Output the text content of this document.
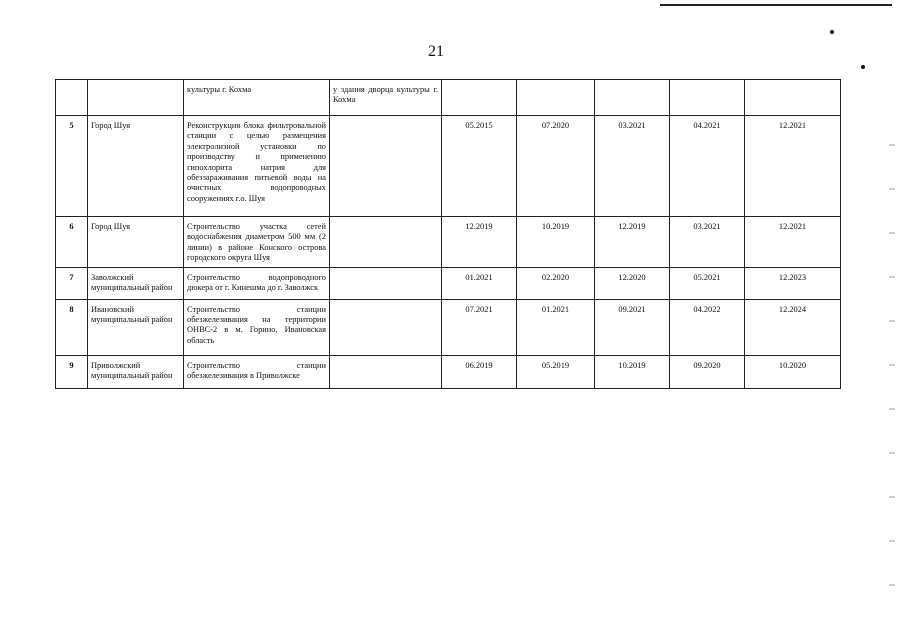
21
		культуры г. Кохма	у здания дворца культуры г. Кохма					
5	Город Шуя	Реконструкция блока фильтровальной станции с целью размещения электролизной установки по производству и применению гипохлорита натрия для обеззараживания питьевой воды на очистных водопроводных сооружениях г.о. Шуя		05.2015	07.2020	03.2021	04.2021	12.2021
6	Город Шуя	Строительство участка сетей водоснабжения диаметром 500 мм (2 линии) в районе Конского острова городского округа Шуя		12.2019	10.2019	12.2019	03.2021	12.2021
7	Заволжский муниципальный район	Строительство водопроводного дюкера от г. Кинешма до г. Заволжск		01.2021	02.2020	12.2020	05.2021	12.2023
8	Ивановский муниципальный район	Строительство станции обезжелезивания на территории ОНВС-2 в м. Горино, Ивановская область		07.2021	01.2021	09.2021	04.2022	12.2024
9	Приволжский муниципальный район	Строительство станции обезжелезивания в Приволжске		06.2019	05.2019	10.2019	09.2020	10.2020
